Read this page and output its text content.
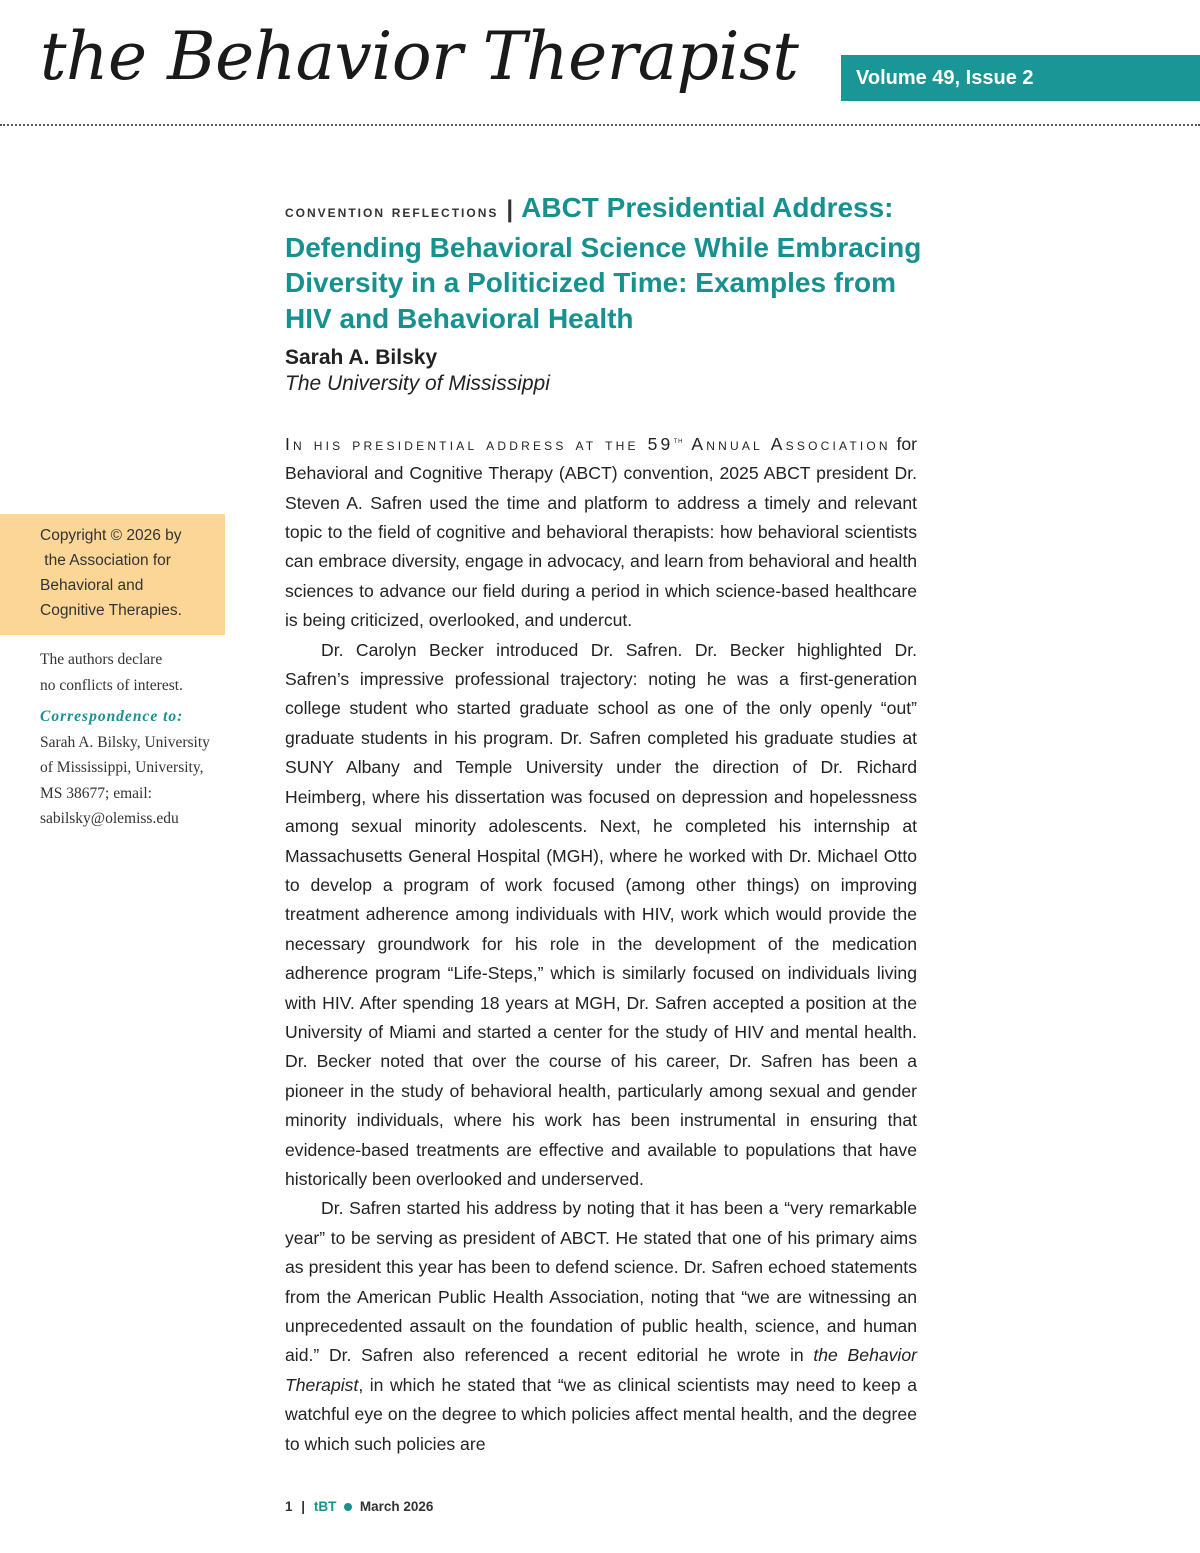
the Behavior Therapist	Volume 49, Issue 2
convention reflections | ABCT Presidential Address: Defending Behavioral Science While Embracing Diversity in a Politicized Time: Examples from HIV and Behavioral Health
Sarah A. Bilsky
The University of Mississippi

In his presidential address at the 59th Annual Association for Behavioral and Cognitive Therapy (ABCT) convention, 2025 ABCT president Dr. Steven A. Safren used the time and platform to address a timely and relevant topic to the field of cognitive and behavioral therapists: how behavioral scientists can embrace diversity, engage in advocacy, and learn from behavioral and health sciences to advance our field during a period in which science-based healthcare is being criticized, overlooked, and undercut.

Dr. Carolyn Becker introduced Dr. Safren. Dr. Becker highlighted Dr. Safren’s impressive professional trajectory: noting he was a first-generation college student who started graduate school as one of the only openly “out” graduate students in his program. Dr. Safren completed his graduate studies at SUNY Albany and Temple University under the direction of Dr. Richard Heimberg, where his dissertation was focused on depression and hopelessness among sexual minority adolescents. Next, he completed his internship at Massachusetts General Hospital (MGH), where he worked with Dr. Michael Otto to develop a program of work focused (among other things) on improving treatment adherence among individuals with HIV, work which would provide the necessary groundwork for his role in the development of the medication adherence program “Life-Steps,” which is similarly focused on individuals living with HIV. After spending 18 years at MGH, Dr. Safren accepted a position at the University of Miami and started a center for the study of HIV and mental health. Dr. Becker noted that over the course of his career, Dr. Safren has been a pioneer in the study of behavioral health, particularly among sexual and gender minority individuals, where his work has been instrumental in ensuring that evidence-based treatments are effective and available to populations that have historically been overlooked and underserved.

Dr. Safren started his address by noting that it has been a “very remarkable year” to be serving as president of ABCT. He stated that one of his primary aims as president this year has been to defend science. Dr. Safren echoed statements from the American Public Health Association, noting that “we are witnessing an unprecedented assault on the foundation of public health, science, and human aid.” Dr. Safren also referenced a recent editorial he wrote in the Behavior Therapist, in which he stated that “we as clinical scientists may need to keep a watchful eye on the degree to which policies affect mental health, and the degree to which such policies are

Copyright © 2026 by
the Association for
Behavioral and
Cognitive Therapies.
The authors declare
no conflicts of interest.
Correspondence to:
Sarah A. Bilsky, University
of Mississippi, University,
MS 38677; email:
sabilsky@olemiss.edu
1 | tBT March 2026
